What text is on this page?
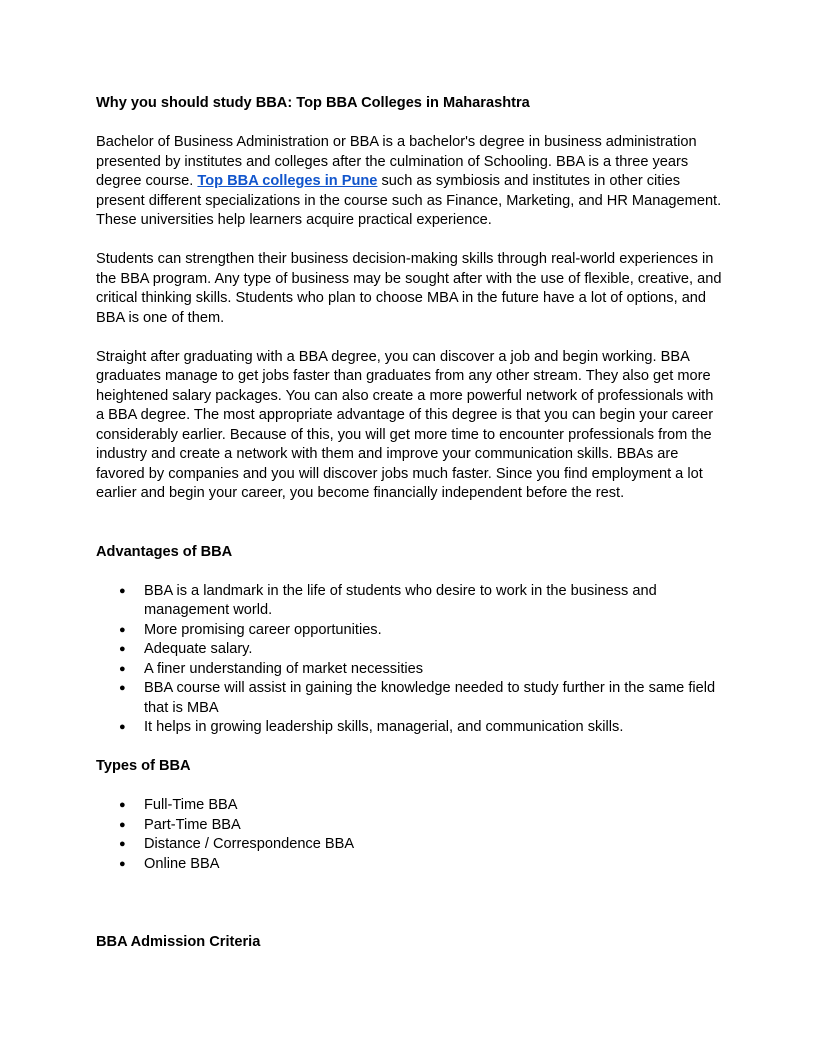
Why you should study BBA: Top BBA Colleges in Maharashtra

Bachelor of Business Administration or BBA is a bachelor's degree in business administration presented by institutes and colleges after the culmination of Schooling. BBA is a three years degree course. Top BBA colleges in Pune such as symbiosis and institutes in other cities present different specializations in the course such as Finance, Marketing, and HR Management. These universities help learners acquire practical experience.

Students can strengthen their business decision-making skills through real-world experiences in the BBA program. Any type of business may be sought after with the use of flexible, creative, and critical thinking skills. Students who plan to choose MBA in the future have a lot of options, and BBA is one of them.

Straight after graduating with a BBA degree, you can discover a job and begin working. BBA graduates manage to get jobs faster than graduates from any other stream. They also get more heightened salary packages. You can also create a more powerful network of professionals with a BBA degree. The most appropriate advantage of this degree is that you can begin your career considerably earlier. Because of this, you will get more time to encounter professionals from the industry and create a network with them and improve your communication skills. BBAs are favored by companies and you will discover jobs much faster. Since you find employment a lot earlier and begin your career, you become financially independent before the rest.

Advantages of BBA

● BBA is a landmark in the life of students who desire to work in the business and management world.
● More promising career opportunities.
● Adequate salary.
● A finer understanding of market necessities
● BBA course will assist in gaining the knowledge needed to study further in the same field that is MBA
● It helps in growing leadership skills, managerial, and communication skills.

Types of BBA

● Full-Time BBA
● Part-Time BBA
● Distance / Correspondence BBA
● Online BBA

BBA Admission Criteria
